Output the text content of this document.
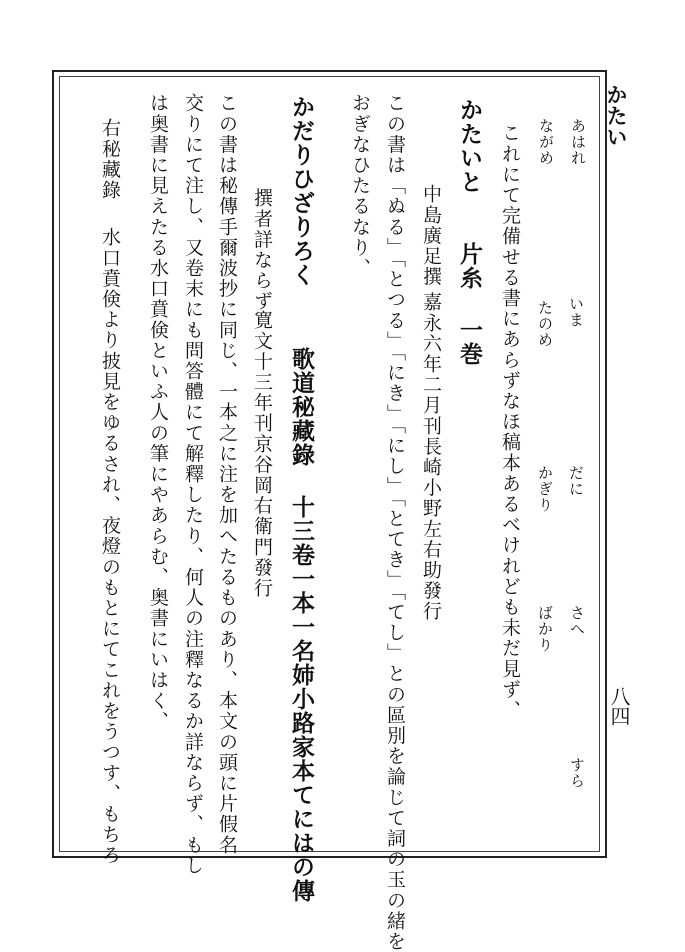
かたい
八四
あはれ
ながめ
いま
たのめ
だに
かぎり
さへ
ばかり
すら
これにて完備せる書にあらずなほ稿本あるべけれども未だ見ず、
かたいと
片糸 一巻
中島廣足撰
嘉永六年二月刊長崎小野左右助發行
この書は「ぬる」「とつる」「にき」「にし」「とてき」「てし」との區別を論じて詞の玉の緒を
おぎなひたるなり、
かだりひざりろく
歌道秘藏錄 十三卷一本一名姉小路家本てにはの傳
撰者詳ならず
寛文十三年刊京谷岡右衛門發行
この書は秘傳手爾波抄に同じ、一本之に注を加へたるものあり、本文の頭に片假名
交りにて注し、又卷末にも問答體にて解釋したり、何人の注釋なるか詳ならず、もし
は奥書に見えたる水口賁倹といふ人の筆にやあらむ、奥書にいはく、
右秘藏錄
水口賁倹より披見をゆるされ、夜燈のもとにてこれをうつす、もちろ
